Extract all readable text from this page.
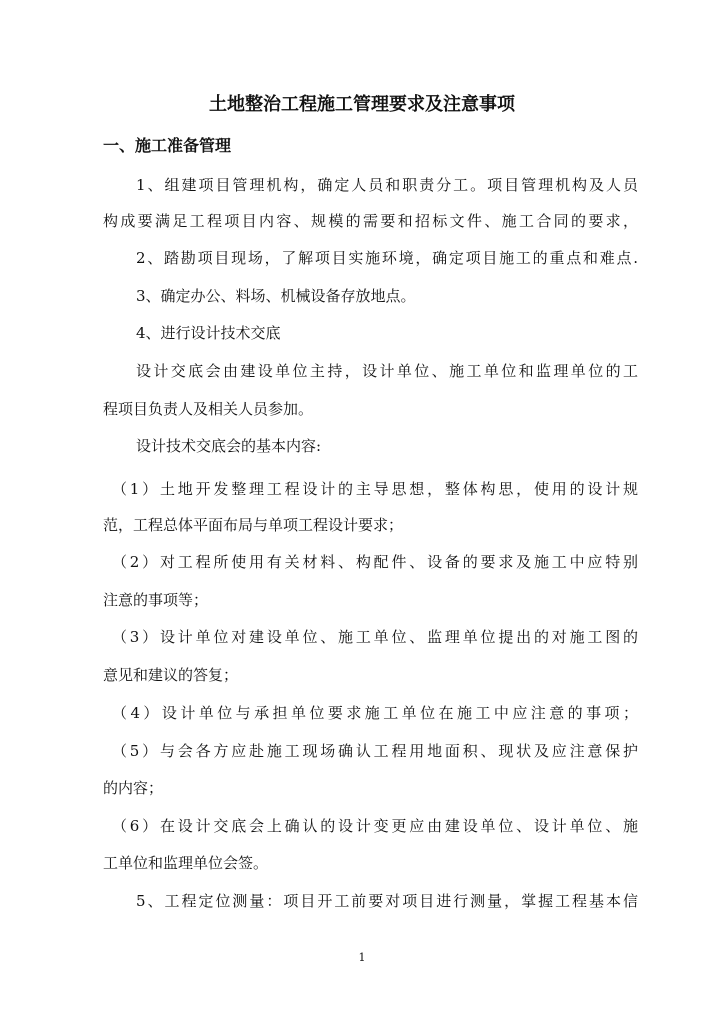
土地整治工程施工管理要求及注意事项
一、施工准备管理
1、组建项目管理机构，确定人员和职责分工。项目管理机构及人员
构成要满足工程项目内容、规模的需要和招标文件、施工合同的要求，
2、踏勘项目现场，了解项目实施环境，确定项目施工的重点和难点.
3、确定办公、料场、机械设备存放地点。
4、进行设计技术交底
设计交底会由建设单位主持，设计单位、施工单位和监理单位的工
程项目负责人及相关人员参加。
设计技术交底会的基本内容:
（1）土地开发整理工程设计的主导思想，整体构思，使用的设计规
范，工程总体平面布局与单项工程设计要求；
（2）对工程所使用有关材料、构配件、设备的要求及施工中应特别
注意的事项等；
（3）设计单位对建设单位、施工单位、监理单位提出的对施工图的
意见和建议的答复；
（4）设计单位与承担单位要求施工单位在施工中应注意的事项；
（5）与会各方应赴施工现场确认工程用地面积、现状及应注意保护
的内容；
（6）在设计交底会上确认的设计变更应由建设单位、设计单位、施
工单位和监理单位会签。
5、工程定位测量：项目开工前要对项目进行测量，掌握工程基本信
1
